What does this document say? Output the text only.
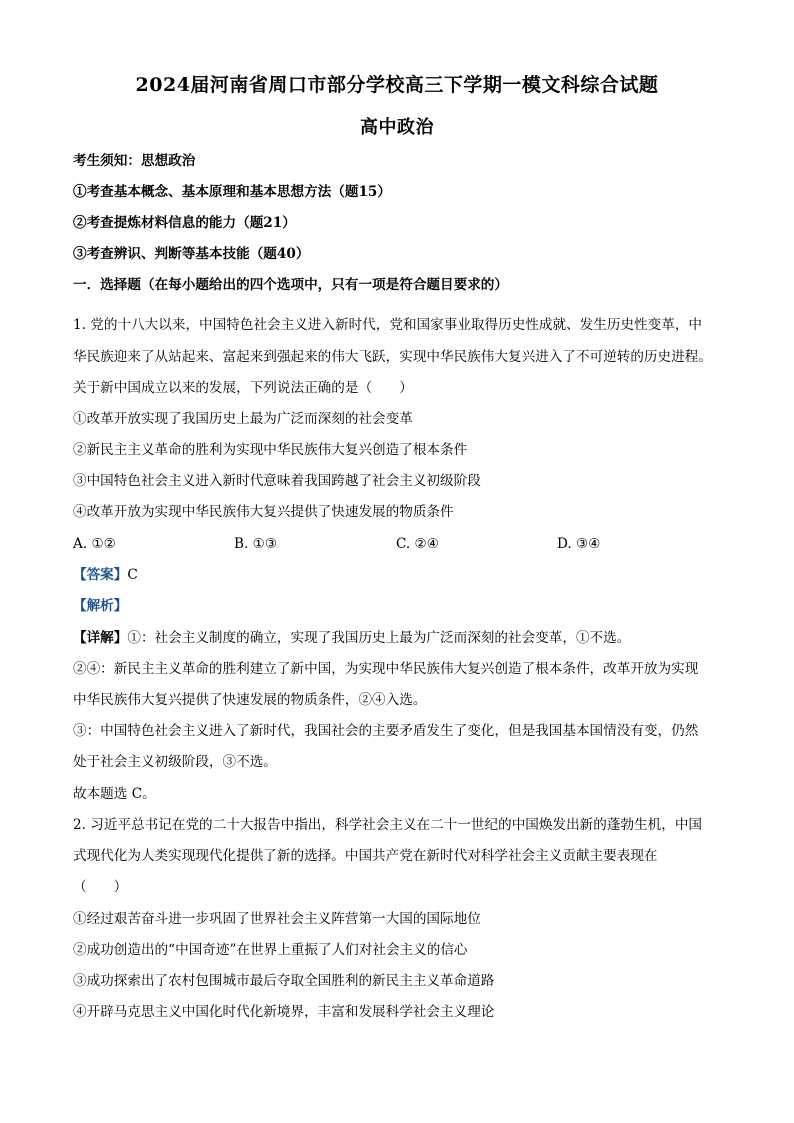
2024届河南省周口市部分学校高三下学期一模文科综合试题
高中政治
考生须知：思想政治
①考查基本概念、基本原理和基本思想方法（题15）
②考查提炼材料信息的能力（题21）
③考查辨识、判断等基本技能（题40）
一．选择题（在每小题给出的四个选项中，只有一项是符合题目要求的）
1. 党的十八大以来，中国特色社会主义进入新时代，党和国家事业取得历史性成就、发生历史性变革，中
华民族迎来了从站起来、富起来到强起来的伟大飞跃，实现中华民族伟大复兴进入了不可逆转的历史进程。
关于新中国成立以来的发展，下列说法正确的是（　　）
①改革开放实现了我国历史上最为广泛而深刻的社会变革
②新民主主义革命的胜利为实现中华民族伟大复兴创造了根本条件
③中国特色社会主义进入新时代意味着我国跨越了社会主义初级阶段
④改革开放为实现中华民族伟大复兴提供了快速发展的物质条件
A. ①②	B. ①③	C. ②④	D. ③④
【答案】C
【解析】
【详解】①：社会主义制度的确立，实现了我国历史上最为广泛而深刻的社会变革，①不选。
②④：新民主主义革命的胜利建立了新中国，为实现中华民族伟大复兴创造了根本条件，改革开放为实现
中华民族伟大复兴提供了快速发展的物质条件，②④入选。
③：中国特色社会主义进入了新时代，我国社会的主要矛盾发生了变化，但是我国基本国情没有变，仍然
处于社会主义初级阶段，③不选。
故本题选 C。
2. 习近平总书记在党的二十大报告中指出，科学社会主义在二十一世纪的中国焕发出新的蓬勃生机，中国
式现代化为人类实现现代化提供了新的选择。中国共产党在新时代对科学社会主义贡献主要表现在
（　　）
①经过艰苦奋斗进一步巩固了世界社会主义阵营第一大国的国际地位
②成功创造出的“中国奇迹”在世界上重振了人们对社会主义的信心
③成功探索出了农村包围城市最后夺取全国胜利的新民主主义革命道路
④开辟马克思主义中国化时代化新境界，丰富和发展科学社会主义理论
